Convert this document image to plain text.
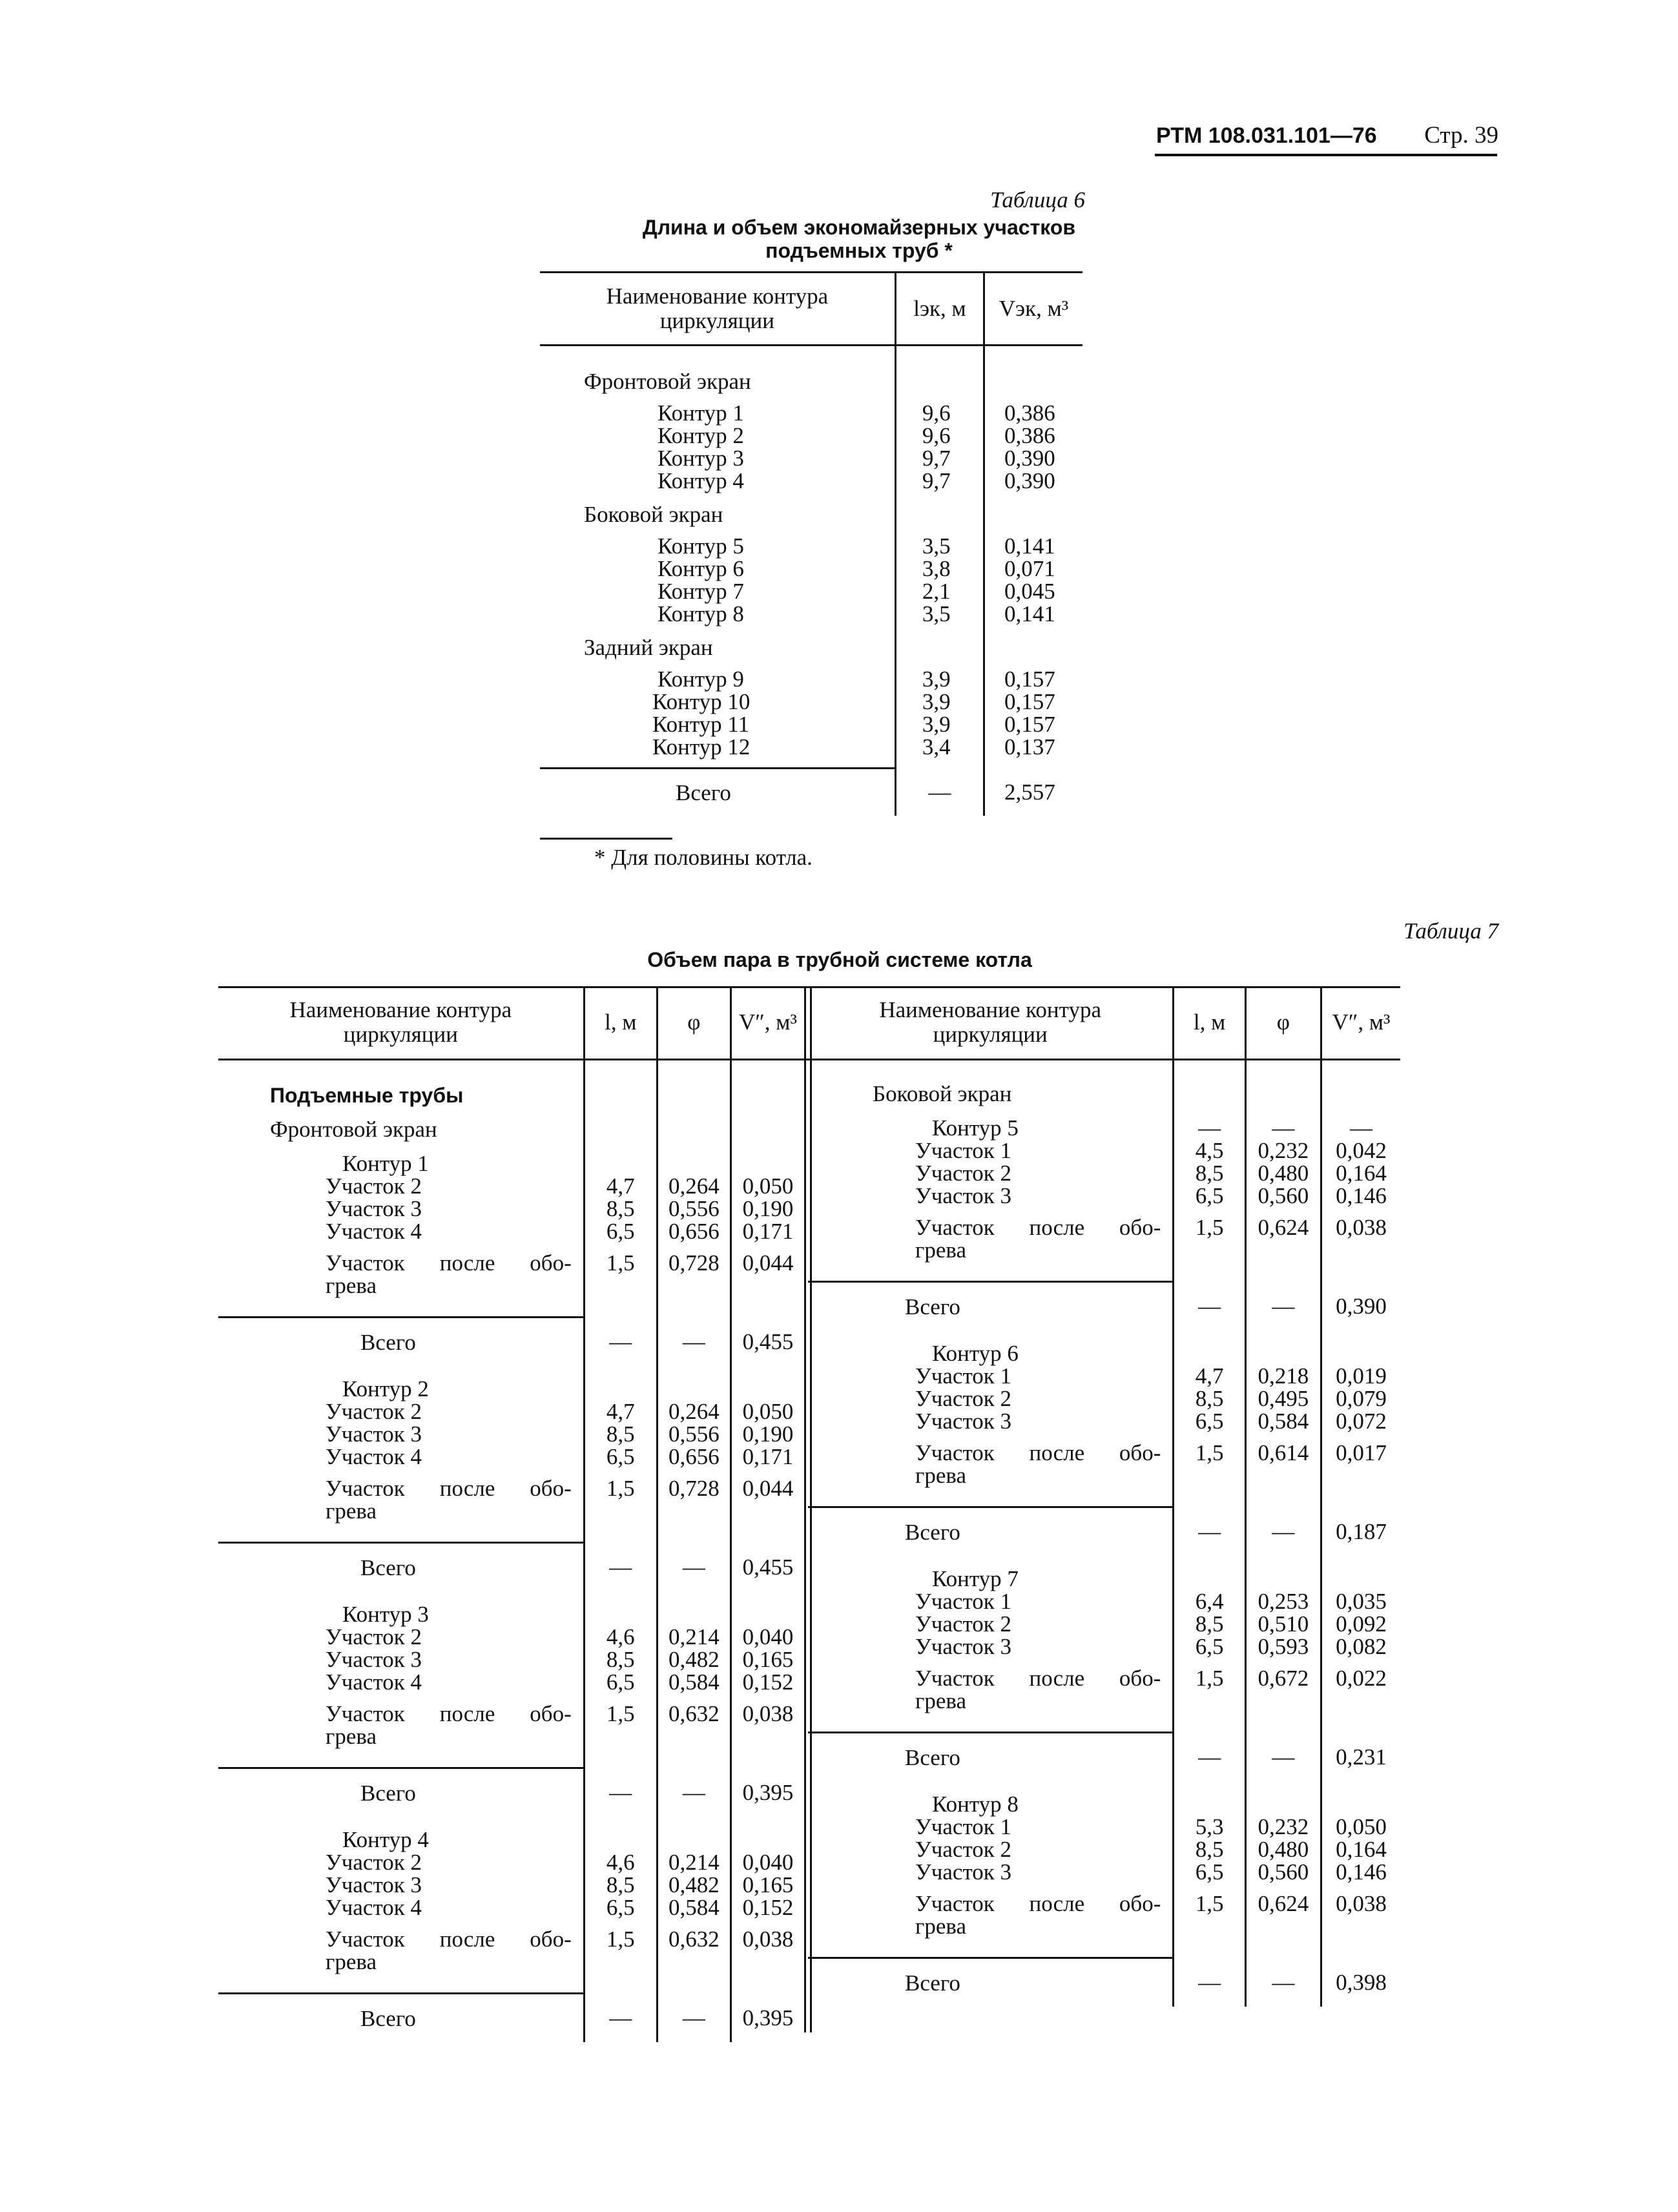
РТМ 108.031.101—76 Стр. 39
Таблица 6
Длина и объем экономайзерных участков
подъемных труб *
Наименование контура
циркуляции	lэк, м	Vэк, м³
Фронтовой экран		

Контур 1	9,6	0,386
Контур 2	9,6	0,386
Контур 3	9,7	0,390
Контур 4	9,7	0,390
Боковой экран		

Контур 5	3,5	0,141
Контур 6	3,8	0,071
Контур 7	2,1	0,045
Контур 8	3,5	0,141
Задний экран		

Контур 9	3,9	0,157
Контур 10	3,9	0,157
Контур 11	3,9	0,157
Контур 12	3,4	0,137

Всего	—	2,557
* Для половины котла.
Таблица 7
Объем пара в трубной системе котла
Наименование контура
циркуляции	l, м	φ	V″, м³

Подъемные трубы			
Фронтовой экран			

Контур 1			
Участок 2	4,7	0,264	0,050
Участок 3	8,5	0,556	0,190
Участок 4	6,5	0,656	0,171

Участок после обо-
грева	1,5	0,728	0,044

Всего	—	—	0,455

Контур 2			
Участок 2	4,7	0,264	0,050
Участок 3	8,5	0,556	0,190
Участок 4	6,5	0,656	0,171

Участок после обо-
грева	1,5	0,728	0,044

Всего	—	—	0,455

Контур 3			
Участок 2	4,6	0,214	0,040
Участок 3	8,5	0,482	0,165
Участок 4	6,5	0,584	0,152

Участок после обо-
грева	1,5	0,632	0,038

Всего	—	—	0,395

Контур 4			
Участок 2	4,6	0,214	0,040
Участок 3	8,5	0,482	0,165
Участок 4	6,5	0,584	0,152

Участок после обо-
грева	1,5	0,632	0,038

Всего	—	—	0,395
Наименование контура
циркуляции	l, м	φ	V″, м³

Боковой экран			

Контур 5	—	—	—
Участок 1	4,5	0,232	0,042
Участок 2	8,5	0,480	0,164
Участок 3	6,5	0,560	0,146

Участок после обо-
грева	1,5	0,624	0,038

Всего	—	—	0,390

Контур 6			
Участок 1	4,7	0,218	0,019
Участок 2	8,5	0,495	0,079
Участок 3	6,5	0,584	0,072

Участок после обо-
грева	1,5	0,614	0,017

Всего	—	—	0,187

Контур 7			
Участок 1	6,4	0,253	0,035
Участок 2	8,5	0,510	0,092
Участок 3	6,5	0,593	0,082

Участок после обо-
грева	1,5	0,672	0,022

Всего	—	—	0,231

Контур 8			
Участок 1	5,3	0,232	0,050
Участок 2	8,5	0,480	0,164
Участок 3	6,5	0,560	0,146

Участок после обо-
грева	1,5	0,624	0,038

Всего	—	—	0,398
